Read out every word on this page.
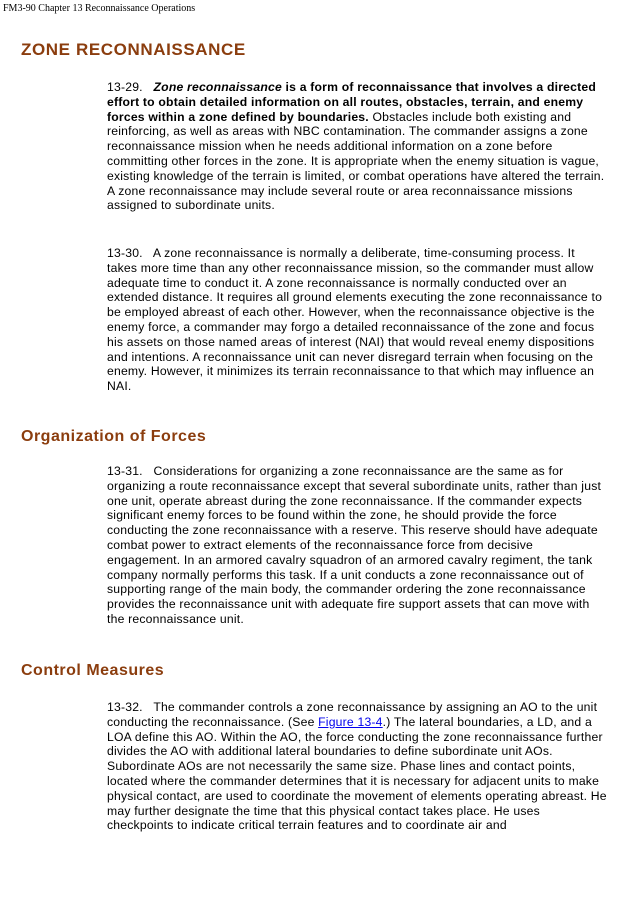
FM3-90 Chapter 13 Reconnaissance Operations
ZONE RECONNAISSANCE

13-29. Zone reconnaissance is a form of reconnaissance that involves a directed effort to obtain detailed information on all routes, obstacles, terrain, and enemy forces within a zone defined by boundaries. Obstacles include both existing and reinforcing, as well as areas with NBC contamination. The commander assigns a zone reconnaissance mission when he needs additional information on a zone before committing other forces in the zone. It is appropriate when the enemy situation is vague, existing knowledge of the terrain is limited, or combat operations have altered the terrain. A zone reconnaissance may include several route or area reconnaissance missions assigned to subordinate units.

13-30. A zone reconnaissance is normally a deliberate, time-consuming process. It takes more time than any other reconnaissance mission, so the commander must allow adequate time to conduct it. A zone reconnaissance is normally conducted over an extended distance. It requires all ground elements executing the zone reconnaissance to be employed abreast of each other. However, when the reconnaissance objective is the enemy force, a commander may forgo a detailed reconnaissance of the zone and focus his assets on those named areas of interest (NAI) that would reveal enemy dispositions and intentions. A reconnaissance unit can never disregard terrain when focusing on the enemy. However, it minimizes its terrain reconnaissance to that which may influence an NAI.

Organization of Forces

13-31. Considerations for organizing a zone reconnaissance are the same as for organizing a route reconnaissance except that several subordinate units, rather than just one unit, operate abreast during the zone reconnaissance. If the commander expects significant enemy forces to be found within the zone, he should provide the force conducting the zone reconnaissance with a reserve. This reserve should have adequate combat power to extract elements of the reconnaissance force from decisive engagement. In an armored cavalry squadron of an armored cavalry regiment, the tank company normally performs this task. If a unit conducts a zone reconnaissance out of supporting range of the main body, the commander ordering the zone reconnaissance provides the reconnaissance unit with adequate fire support assets that can move with the reconnaissance unit.

Control Measures

13-32. The commander controls a zone reconnaissance by assigning an AO to the unit conducting the reconnaissance. (See Figure 13-4.) The lateral boundaries, a LD, and a LOA define this AO. Within the AO, the force conducting the zone reconnaissance further divides the AO with additional lateral boundaries to define subordinate unit AOs. Subordinate AOs are not necessarily the same size. Phase lines and contact points, located where the commander determines that it is necessary for adjacent units to make physical contact, are used to coordinate the movement of elements operating abreast. He may further designate the time that this physical contact takes place. He uses checkpoints to indicate critical terrain features and to coordinate air and
